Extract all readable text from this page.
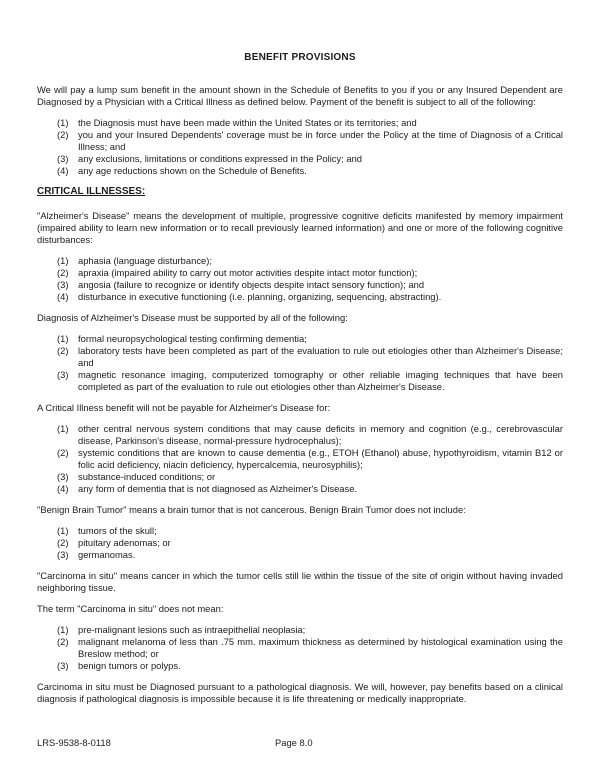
BENEFIT PROVISIONS

We will pay a lump sum benefit in the amount shown in the Schedule of Benefits to you if you or any Insured Dependent are Diagnosed by a Physician with a Critical Illness as defined below. Payment of the benefit is subject to all of the following:

(1)	the Diagnosis must have been made within the United States or its territories; and
(2)	you and your Insured Dependents' coverage must be in force under the Policy at the time of Diagnosis of a Critical Illness; and
(3)	any exclusions, limitations or conditions expressed in the Policy; and
(4)	any age reductions shown on the Schedule of Benefits.
CRITICAL ILLNESSES:

"Alzheimer's Disease" means the development of multiple, progressive cognitive deficits manifested by memory impairment (impaired ability to learn new information or to recall previously learned information) and one or more of the following cognitive disturbances:

(1)	aphasia (language disturbance);
(2)	apraxia (impaired ability to carry out motor activities despite intact motor function);
(3)	angosia (failure to recognize or identify objects despite intact sensory function); and
(4)	disturbance in executive functioning (i.e. planning, organizing, sequencing, abstracting).

Diagnosis of Alzheimer's Disease must be supported by all of the following:

(1)	formal neuropsychological testing confirming dementia;
(2)	laboratory tests have been completed as part of the evaluation to rule out etiologies other than Alzheimer's Disease; and
(3)	magnetic resonance imaging, computerized tomography or other reliable imaging techniques that have been completed as part of the evaluation to rule out etiologies other than Alzheimer's Disease.

A Critical Illness benefit will not be payable for Alzheimer's Disease for:

(1)	other central nervous system conditions that may cause deficits in memory and cognition (e.g., cerebrovascular disease, Parkinson's disease, normal-pressure hydrocephalus);
(2)	systemic conditions that are known to cause dementia (e.g., ETOH (Ethanol) abuse, hypothyroidism, vitamin B12 or folic acid deficiency, niacin deficiency, hypercalcemia, neurosyphilis);
(3)	substance-induced conditions; or
(4)	any form of dementia that is not diagnosed as Alzheimer's Disease.

"Benign Brain Tumor" means a brain tumor that is not cancerous. Benign Brain Tumor does not include:

(1)	tumors of the skull;
(2)	pituitary adenomas; or
(3)	germanomas.

"Carcinoma in situ" means cancer in which the tumor cells still lie within the tissue of the site of origin without having invaded neighboring tissue.

The term "Carcinoma in situ" does not mean:

(1)	pre-malignant lesions such as intraepithelial neoplasia;
(2)	malignant melanoma of less than .75 mm. maximum thickness as determined by histological examination using the Breslow method; or
(3)	benign tumors or polyps.

Carcinoma in situ must be Diagnosed pursuant to a pathological diagnosis. We will, however, pay benefits based on a clinical diagnosis if pathological diagnosis is impossible because it is life threatening or medically inappropriate.

LRS-9538-8-0118	Page 8.0
